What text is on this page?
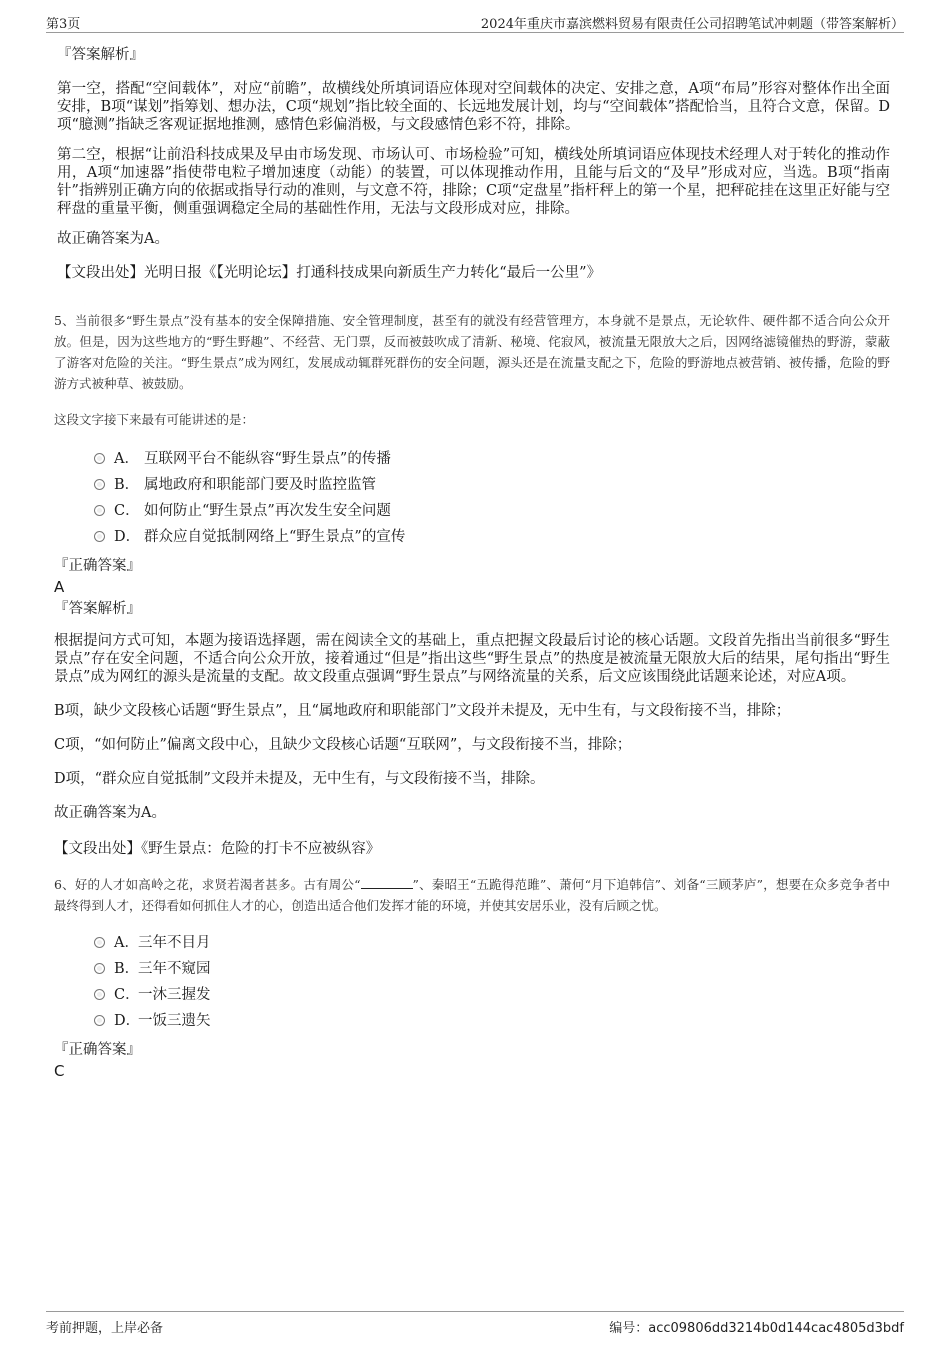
第3页	2024年重庆市嘉滨燃料贸易有限责任公司招聘笔试冲刺题（带答案解析）
『答案解析』

第一空，搭配“空间载体”，对应“前瞻”，故横线处所填词语应体现对空间载体的决定、安排之意，A项“布局”形容对整体作出全面安排，B项“谋划”指筹划、想办法，C项“规划”指比较全面的、长远地发展计划，均与“空间载体”搭配恰当，且符合文意，保留。D项“臆测”指缺乏客观证据地推测，感情色彩偏消极，与文段感情色彩不符，排除。

第二空，根据“让前沿科技成果及早由市场发现、市场认可、市场检验”可知，横线处所填词语应体现技术经理人对于转化的推动作用，A项“加速器”指使带电粒子增加速度（动能）的装置，可以体现推动作用，且能与后文的“及早”形成对应，当选。B项“指南针”指辨别正确方向的依据或指导行动的准则，与文意不符，排除；C项“定盘星”指杆秤上的第一个星，把秤砣挂在这里正好能与空秤盘的重量平衡，侧重强调稳定全局的基础性作用，无法与文段形成对应，排除。

故正确答案为A。

【文段出处】光明日报《【光明论坛】打通科技成果向新质生产力转化“最后一公里”》

5、当前很多“野生景点”没有基本的安全保障措施、安全管理制度，甚至有的就没有经营管理方，本身就不是景点，无论软件、硬件都不适合向公众开放。但是，因为这些地方的“野生野趣”、不经营、无门票，反而被鼓吹成了清新、秘境、侘寂风，被流量无限放大之后，因网络滤镜催热的野游，蒙蔽了游客对危险的关注。“野生景点”成为网红，发展成动辄群死群伤的安全问题，源头还是在流量支配之下，危险的野游地点被营销、被传播，危险的野游方式被种草、被鼓励。

这段文字接下来最有可能讲述的是：

A． 互联网平台不能纵容“野生景点”的传播
B． 属地政府和职能部门要及时监控监管
C． 如何防止“野生景点”再次发生安全问题
D． 群众应自觉抵制网络上“野生景点”的宣传
『正确答案』
A
『答案解析』

根据提问方式可知，本题为接语选择题，需在阅读全文的基础上，重点把握文段最后讨论的核心话题。文段首先指出当前很多“野生景点”存在安全问题，不适合向公众开放，接着通过“但是”指出这些“野生景点”的热度是被流量无限放大后的结果，尾句指出“野生景点”成为网红的源头是流量的支配。故文段重点强调“野生景点”与网络流量的关系，后文应该围绕此话题来论述，对应A项。

B项，缺少文段核心话题“野生景点”，且“属地政府和职能部门”文段并未提及，无中生有，与文段衔接不当，排除；

C项，“如何防止”偏离文段中心，且缺少文段核心话题“互联网”，与文段衔接不当，排除；

D项，“群众应自觉抵制”文段并未提及，无中生有，与文段衔接不当，排除。

故正确答案为A。

【文段出处】《野生景点：危险的打卡不应被纵容》

6、好的人才如高岭之花，求贤若渴者甚多。古有周公“	”、秦昭王“五跪得范雎”、萧何“月下追韩信”、刘备“三顾茅庐”，想要在众多竞争者中最终得到人才，还得看如何抓住人才的心，创造出适合他们发挥才能的环境，并使其安居乐业，没有后顾之忧。

A．三年不目月
B．三年不窥园
C．一沐三握发
D．一饭三遗矢
『正确答案』
C
考前押题，上岸必备	编号：acc09806dd3214b0d144cac4805d3bdf
